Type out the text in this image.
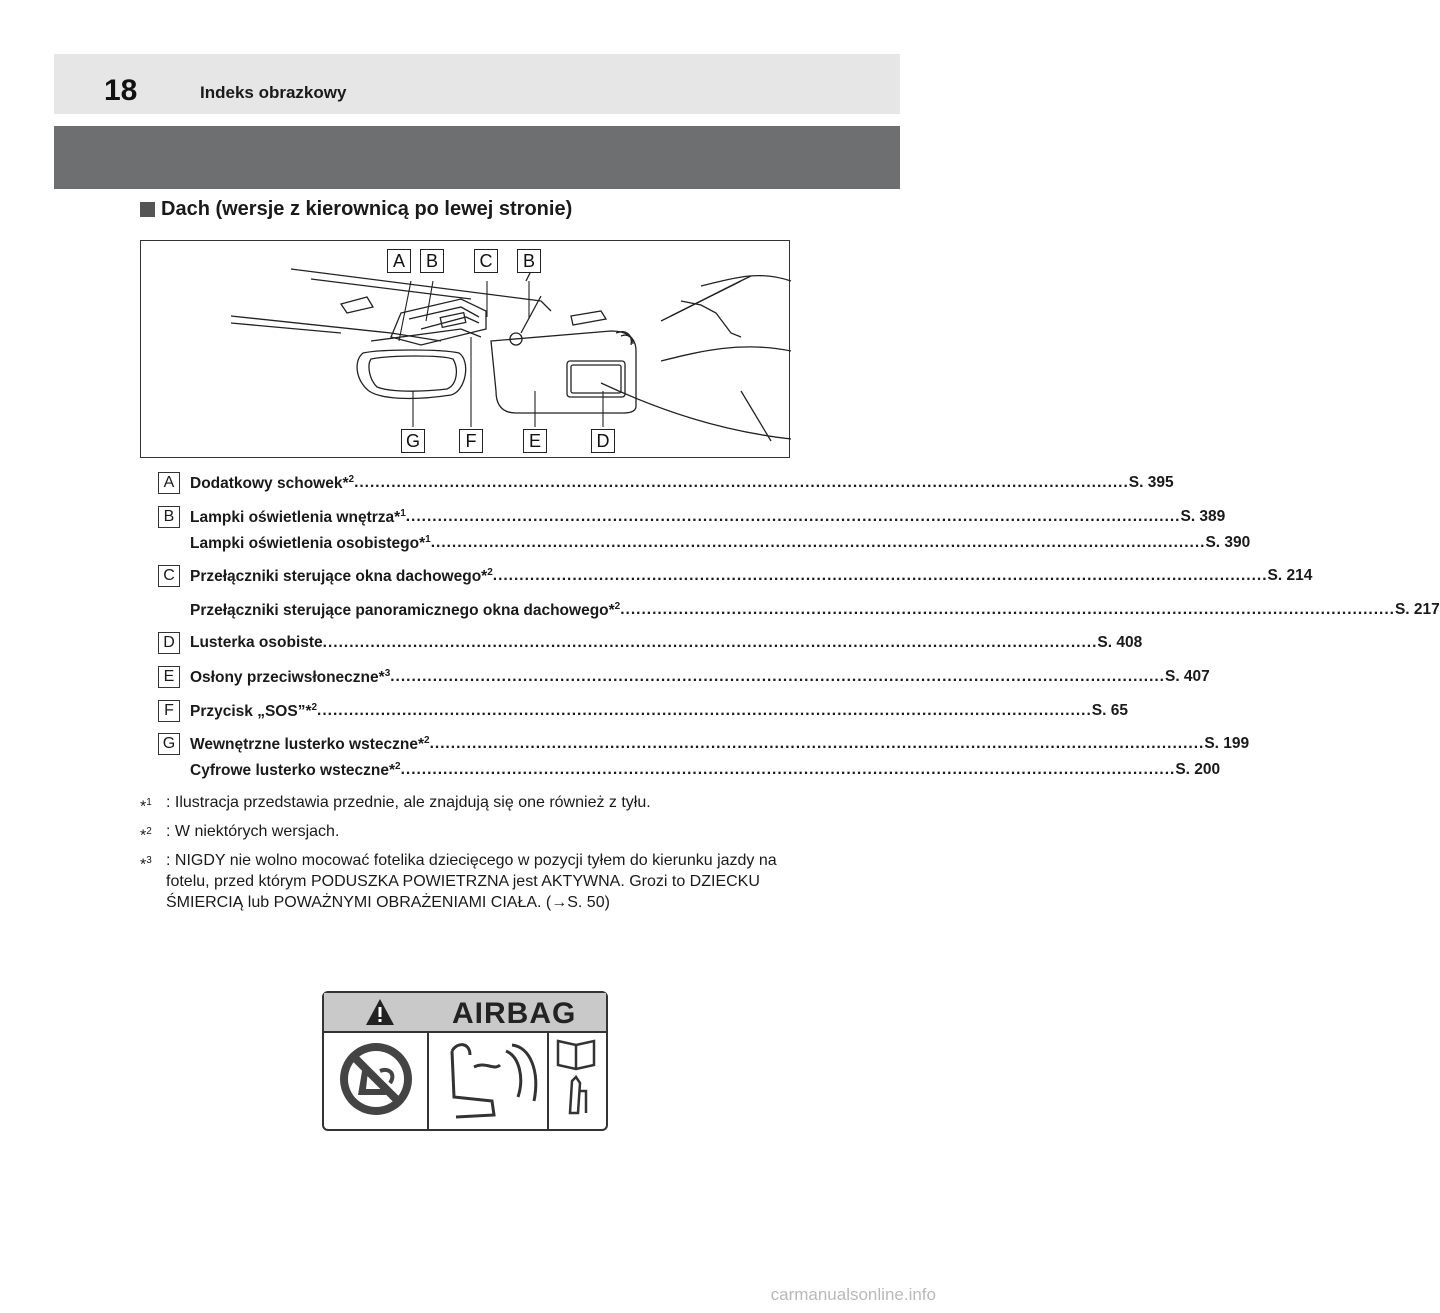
18	Indeks obrazkowy
Dach (wersje z kierownicą po lewej stronie)
A	B	C	B
G	F	E	D
A	Dodatkowy schowek*$^2$ .................................................................................................................................................. S. 395
B	Lampki oświetlenia wnętrza*$^1$ .................................................................................................................................................. S. 389
Lampki oświetlenia osobistego*$^1$ .................................................................................................................................................. S. 390
C Przełączniki sterujące okna dachowego*$^2$ .................................................................................................................................................. S. 214
Przełączniki sterujące panoramicznego okna dachowego*$^2$ .................................................................................................................................................. S. 217
D Lusterka osobiste .................................................................................................................................................. S. 408
E	Osłony przeciwsłoneczne*$^3$ .................................................................................................................................................. S. 407
F	Przycisk „SOS”*$^2$ .................................................................................................................................................. S. 65
G Wewnętrzne lusterko wsteczne*$^2$ .................................................................................................................................................. S. 199
Cyfrowe lusterko wsteczne*$^2$ .................................................................................................................................................. S. 200
*$^1$ : Ilustracja przedstawia przednie, ale znajdują się one również z tyłu.
*$^2$ : W niektórych wersjach.
*$^3$ : NIGDY nie wolno mocować fotelika dziecięcego w pozycji tyłem do kierunku jazdy na fotelu, przed którym PODUSZKA POWIETRZNA jest AKTYWNA. Grozi to DZIECKU ŚMIERCIĄ lub POWAŻNYMI OBRAŻENIAMI CIAŁA. (→S. 50)
AIRBAG
carmanualsonline.info
